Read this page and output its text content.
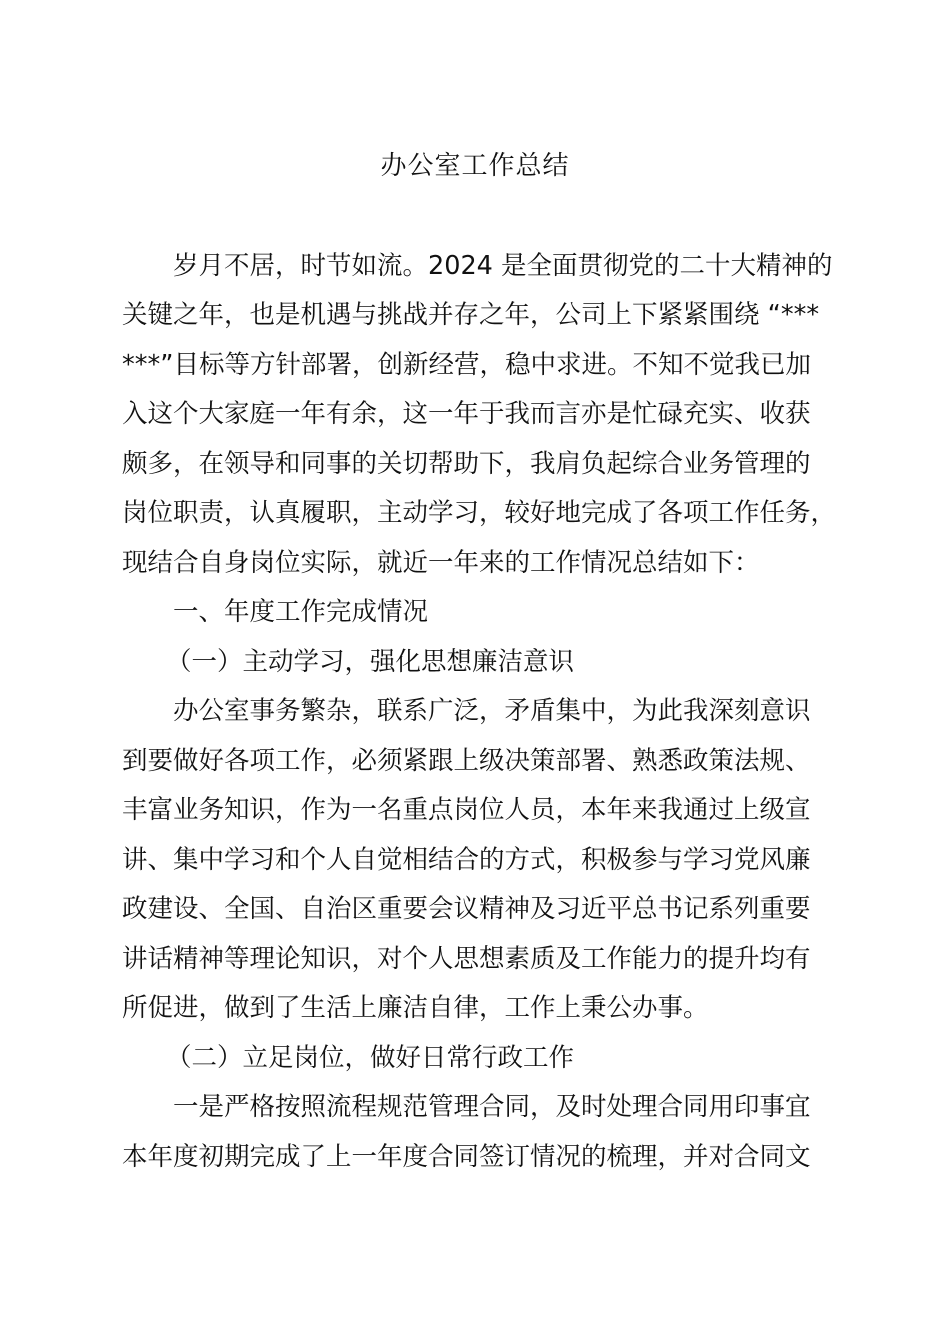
办公室工作总结
岁月不居，时节如流。2024 是全面贯彻党的二十大精神的
关键之年，也是机遇与挑战并存之年，公司上下紧紧围绕 “***
***”目标等方针部署，创新经营，稳中求进。不知不觉我已加
入这个大家庭一年有余，这一年于我而言亦是忙碌充实、收获
颇多，在领导和同事的关切帮助下，我肩负起综合业务管理的
岗位职责，认真履职，主动学习，较好地完成了各项工作任务，
现结合自身岗位实际，就近一年来的工作情况总结如下：
一、年度工作完成情况
（一）主动学习，强化思想廉洁意识
办公室事务繁杂，联系广泛，矛盾集中，为此我深刻意识
到要做好各项工作，必须紧跟上级决策部署、熟悉政策法规、
丰富业务知识，作为一名重点岗位人员，本年来我通过上级宣
讲、集中学习和个人自觉相结合的方式，积极参与学习党风廉
政建设、全国、自治区重要会议精神及习近平总书记系列重要
讲话精神等理论知识，对个人思想素质及工作能力的提升均有
所促进，做到了生活上廉洁自律，工作上秉公办事。
（二）立足岗位，做好日常行政工作
一是严格按照流程规范管理合同，及时处理合同用印事宜
本年度初期完成了上一年度合同签订情况的梳理，并对合同文
